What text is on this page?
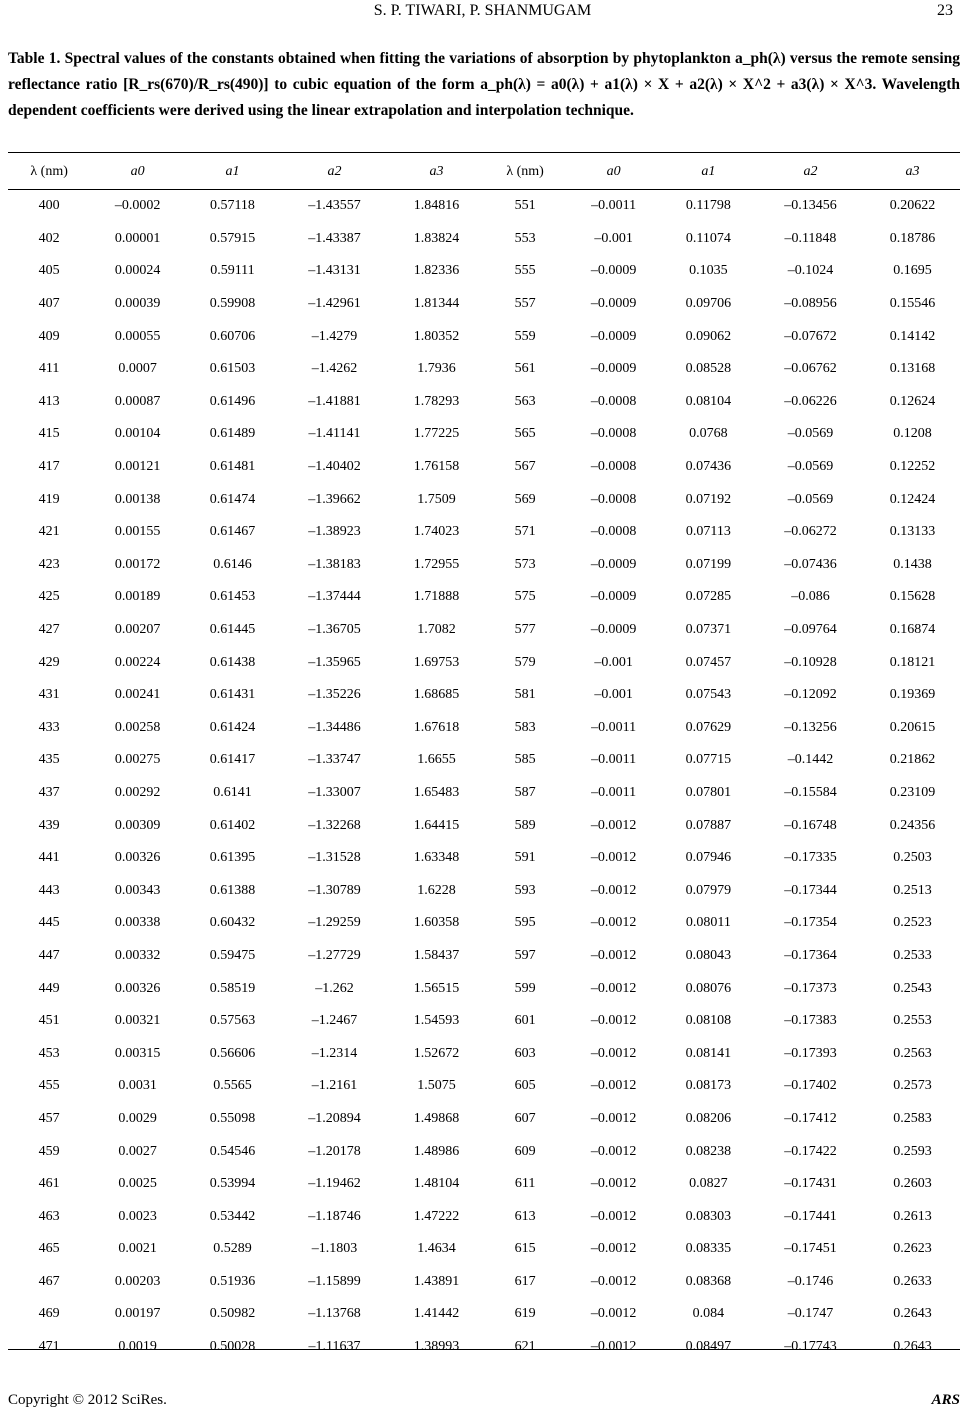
S. P. TIWARI, P. SHANMUGAM	23
Table 1. Spectral values of the constants obtained when fitting the variations of absorption by phytoplankton a_ph(λ) versus the remote sensing reflectance ratio [R_rs(670)/R_rs(490)] to cubic equation of the form a_ph(λ) = a0(λ) + a1(λ) × X + a2(λ) × X^2 + a3(λ) × X^3. Wavelength dependent coefficients were derived using the linear extrapolation and interpolation technique.
λ (nm)	a0	a1	a2	a3	λ (nm)	a0	a1	a2	a3
400	–0.0002	0.57118	–1.43557	1.84816	551	–0.0011	0.11798	–0.13456	0.20622
402	0.00001	0.57915	–1.43387	1.83824	553	–0.001	0.11074	–0.11848	0.18786
405	0.00024	0.59111	–1.43131	1.82336	555	–0.0009	0.1035	–0.1024	0.1695
407	0.00039	0.59908	–1.42961	1.81344	557	–0.0009	0.09706	–0.08956	0.15546
409	0.00055	0.60706	–1.4279	1.80352	559	–0.0009	0.09062	–0.07672	0.14142
411	0.0007	0.61503	–1.4262	1.7936	561	–0.0009	0.08528	–0.06762	0.13168
413	0.00087	0.61496	–1.41881	1.78293	563	–0.0008	0.08104	–0.06226	0.12624
415	0.00104	0.61489	–1.41141	1.77225	565	–0.0008	0.0768	–0.0569	0.1208
417	0.00121	0.61481	–1.40402	1.76158	567	–0.0008	0.07436	–0.0569	0.12252
419	0.00138	0.61474	–1.39662	1.7509	569	–0.0008	0.07192	–0.0569	0.12424
421	0.00155	0.61467	–1.38923	1.74023	571	–0.0008	0.07113	–0.06272	0.13133
423	0.00172	0.6146	–1.38183	1.72955	573	–0.0009	0.07199	–0.07436	0.1438
425	0.00189	0.61453	–1.37444	1.71888	575	–0.0009	0.07285	–0.086	0.15628
427	0.00207	0.61445	–1.36705	1.7082	577	–0.0009	0.07371	–0.09764	0.16874
429	0.00224	0.61438	–1.35965	1.69753	579	–0.001	0.07457	–0.10928	0.18121
431	0.00241	0.61431	–1.35226	1.68685	581	–0.001	0.07543	–0.12092	0.19369
433	0.00258	0.61424	–1.34486	1.67618	583	–0.0011	0.07629	–0.13256	0.20615
435	0.00275	0.61417	–1.33747	1.6655	585	–0.0011	0.07715	–0.1442	0.21862
437	0.00292	0.6141	–1.33007	1.65483	587	–0.0011	0.07801	–0.15584	0.23109
439	0.00309	0.61402	–1.32268	1.64415	589	–0.0012	0.07887	–0.16748	0.24356
441	0.00326	0.61395	–1.31528	1.63348	591	–0.0012	0.07946	–0.17335	0.2503
443	0.00343	0.61388	–1.30789	1.6228	593	–0.0012	0.07979	–0.17344	0.2513
445	0.00338	0.60432	–1.29259	1.60358	595	–0.0012	0.08011	–0.17354	0.2523
447	0.00332	0.59475	–1.27729	1.58437	597	–0.0012	0.08043	–0.17364	0.2533
449	0.00326	0.58519	–1.262	1.56515	599	–0.0012	0.08076	–0.17373	0.2543
451	0.00321	0.57563	–1.2467	1.54593	601	–0.0012	0.08108	–0.17383	0.2553
453	0.00315	0.56606	–1.2314	1.52672	603	–0.0012	0.08141	–0.17393	0.2563
455	0.0031	0.5565	–1.2161	1.5075	605	–0.0012	0.08173	–0.17402	0.2573
457	0.0029	0.55098	–1.20894	1.49868	607	–0.0012	0.08206	–0.17412	0.2583
459	0.0027	0.54546	–1.20178	1.48986	609	–0.0012	0.08238	–0.17422	0.2593
461	0.0025	0.53994	–1.19462	1.48104	611	–0.0012	0.0827	–0.17431	0.2603
463	0.0023	0.53442	–1.18746	1.47222	613	–0.0012	0.08303	–0.17441	0.2613
465	0.0021	0.5289	–1.1803	1.4634	615	–0.0012	0.08335	–0.17451	0.2623
467	0.00203	0.51936	–1.15899	1.43891	617	–0.0012	0.08368	–0.1746	0.2633
469	0.00197	0.50982	–1.13768	1.41442	619	–0.0012	0.084	–0.1747	0.2643
471	0.0019	0.50028	–1.11637	1.38993	621	–0.0012	0.08497	–0.17743	0.2643
Copyright © 2012 SciRes.	ARS
